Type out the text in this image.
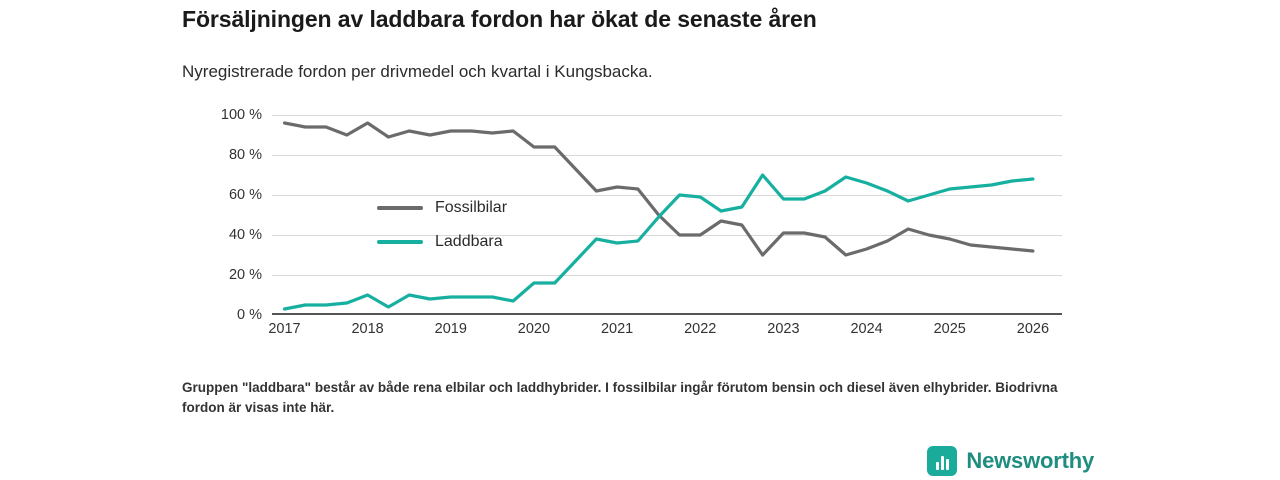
Försäljningen av laddbara fordon har ökat de senaste åren
Nyregistrerade fordon per drivmedel och kvartal i Kungsbacka.
0 %
20 %
40 %
60 %
80 %
100 %
2017	2018	2019	2020	2021	2022	2023	2024	2025	2026
Fossilbilar
Laddbara
Gruppen "laddbara" består av både rena elbilar och laddhybrider. I fossilbilar ingår förutom bensin och diesel även elhybrider. Biodrivna fordon är visas inte här.
Newsworthy
